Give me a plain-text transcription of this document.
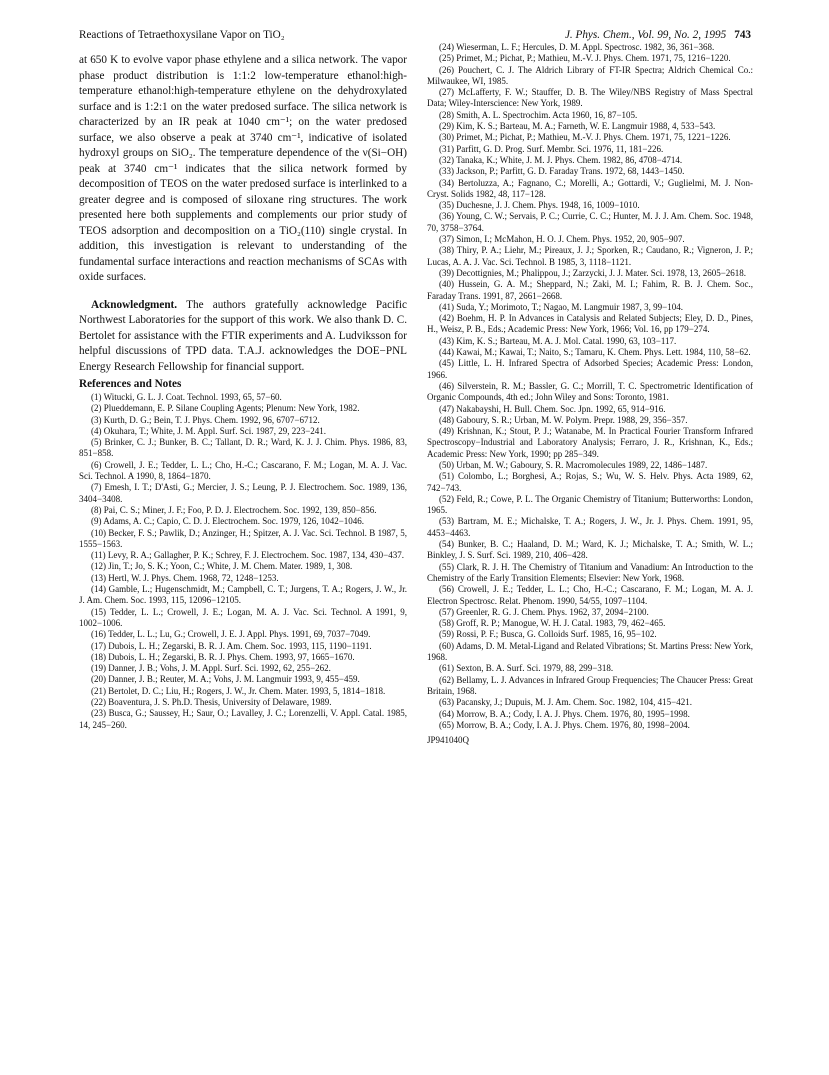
Reactions of Tetraethoxysilane Vapor on TiO₂	J. Phys. Chem., Vol. 99, No. 2, 1995 743

at 650 K to evolve vapor phase ethylene and a silica network. The vapor phase product distribution is 1:1:2 low-temperature ethanol:high-temperature ethanol:high-temperature ethylene on the dehydroxylated surface and is 1:2:1 on the water predosed surface. The silica network is characterized by an IR peak at 1040 cm⁻¹; on the water predosed surface, we also observe a peak at 3740 cm⁻¹, indicative of isolated hydroxyl groups on SiO₂. The temperature dependence of the ν(Si−OH) peak at 3740 cm⁻¹ indicates that the silica network formed by decomposition of TEOS on the water predosed surface is interlinked to a greater degree and is composed of siloxane ring structures. The work presented here both supplements and complements our prior study of TEOS adsorption and decomposition on a TiO₂(110) single crystal. In addition, this investigation is relevant to understanding of the fundamental surface interactions and reaction mechanisms of SCAs with oxide surfaces.

Acknowledgment. The authors gratefully acknowledge Pacific Northwest Laboratories for the support of this work. We also thank D. C. Bertolet for assistance with the FTIR experiments and A. Ludviksson for helpful discussions of TPD data. T.A.J. acknowledges the DOE−PNL Energy Research Fellowship for financial support.

References and Notes

(1) Witucki, G. L. J. Coat. Technol. 1993, 65, 57−60.

(2) Plueddemann, E. P. Silane Coupling Agents; Plenum: New York, 1982.

(3) Kurth, D. G.; Bein, T. J. Phys. Chem. 1992, 96, 6707−6712.

(4) Okuhara, T.; White, J. M. Appl. Surf. Sci. 1987, 29, 223−241.

(5) Brinker, C. J.; Bunker, B. C.; Tallant, D. R.; Ward, K. J. J. Chim. Phys. 1986, 83, 851−858.

(6) Crowell, J. E.; Tedder, L. L.; Cho, H.-C.; Cascarano, F. M.; Logan, M. A. J. Vac. Sci. Technol. A 1990, 8, 1864−1870.

(7) Emesh, I. T.; D'Asti, G.; Mercier, J. S.; Leung, P. J. Electrochem. Soc. 1989, 136, 3404−3408.

(8) Pai, C. S.; Miner, J. F.; Foo, P. D. J. Electrochem. Soc. 1992, 139, 850−856.

(9) Adams, A. C.; Capio, C. D. J. Electrochem. Soc. 1979, 126, 1042−1046.

(10) Becker, F. S.; Pawlik, D.; Anzinger, H.; Spitzer, A. J. Vac. Sci. Technol. B 1987, 5, 1555−1563.

(11) Levy, R. A.; Gallagher, P. K.; Schrey, F. J. Electrochem. Soc. 1987, 134, 430−437.

(12) Jin, T.; Jo, S. K.; Yoon, C.; White, J. M. Chem. Mater. 1989, 1, 308.

(13) Hertl, W. J. Phys. Chem. 1968, 72, 1248−1253.

(14) Gamble, L.; Hugenschmidt, M.; Campbell, C. T.; Jurgens, T. A.; Rogers, J. W., Jr. J. Am. Chem. Soc. 1993, 115, 12096−12105.

(15) Tedder, L. L.; Crowell, J. E.; Logan, M. A. J. Vac. Sci. Technol. A 1991, 9, 1002−1006.

(16) Tedder, L. L.; Lu, G.; Crowell, J. E. J. Appl. Phys. 1991, 69, 7037−7049.

(17) Dubois, L. H.; Zegarski, B. R. J. Am. Chem. Soc. 1993, 115, 1190−1191.

(18) Dubois, L. H.; Zegarski, B. R. J. Phys. Chem. 1993, 97, 1665−1670.

(19) Danner, J. B.; Vohs, J. M. Appl. Surf. Sci. 1992, 62, 255−262.

(20) Danner, J. B.; Reuter, M. A.; Vohs, J. M. Langmuir 1993, 9, 455−459.

(21) Bertolet, D. C.; Liu, H.; Rogers, J. W., Jr. Chem. Mater. 1993, 5, 1814−1818.

(22) Boaventura, J. S. Ph.D. Thesis, University of Delaware, 1989.

(23) Busca, G.; Saussey, H.; Saur, O.; Lavalley, J. C.; Lorenzelli, V. Appl. Catal. 1985, 14, 245−260.

(24) Wieserman, L. F.; Hercules, D. M. Appl. Spectrosc. 1982, 36, 361−368.

(25) Primet, M.; Pichat, P.; Mathieu, M.-V. J. Phys. Chem. 1971, 75, 1216−1220.

(26) Pouchert, C. J. The Aldrich Library of FT-IR Spectra; Aldrich Chemical Co.: Milwaukee, WI, 1985.

(27) McLafferty, F. W.; Stauffer, D. B. The Wiley/NBS Registry of Mass Spectral Data; Wiley-Interscience: New York, 1989.

(28) Smith, A. L. Spectrochim. Acta 1960, 16, 87−105.

(29) Kim, K. S.; Barteau, M. A.; Farneth, W. E. Langmuir 1988, 4, 533−543.

(30) Primet, M.; Pichat, P.; Mathieu, M.-V. J. Phys. Chem. 1971, 75, 1221−1226.

(31) Parfitt, G. D. Prog. Surf. Membr. Sci. 1976, 11, 181−226.

(32) Tanaka, K.; White, J. M. J. Phys. Chem. 1982, 86, 4708−4714.

(33) Jackson, P.; Parfitt, G. D. Faraday Trans. 1972, 68, 1443−1450.

(34) Bertoluzza, A.; Fagnano, C.; Morelli, A.; Gottardi, V.; Guglielmi, M. J. Non-Cryst. Solids 1982, 48, 117−128.

(35) Duchesne, J. J. Chem. Phys. 1948, 16, 1009−1010.

(36) Young, C. W.; Servais, P. C.; Currie, C. C.; Hunter, M. J. J. Am. Chem. Soc. 1948, 70, 3758−3764.

(37) Simon, I.; McMahon, H. O. J. Chem. Phys. 1952, 20, 905−907.

(38) Thiry, P. A.; Liehr, M.; Pireaux, J. J.; Sporken, R.; Caudano, R.; Vigneron, J. P.; Lucas, A. A. J. Vac. Sci. Technol. B 1985, 3, 1118−1121.

(39) Decottignies, M.; Phalippou, J.; Zarzycki, J. J. Mater. Sci. 1978, 13, 2605−2618.

(40) Hussein, G. A. M.; Sheppard, N.; Zaki, M. I.; Fahim, R. B. J. Chem. Soc., Faraday Trans. 1991, 87, 2661−2668.

(41) Suda, Y.; Morimoto, T.; Nagao, M. Langmuir 1987, 3, 99−104.

(42) Boehm, H. P. In Advances in Catalysis and Related Subjects; Eley, D. D., Pines, H., Weisz, P. B., Eds.; Academic Press: New York, 1966; Vol. 16, pp 179−274.

(43) Kim, K. S.; Barteau, M. A. J. Mol. Catal. 1990, 63, 103−117.

(44) Kawai, M.; Kawai, T.; Naito, S.; Tamaru, K. Chem. Phys. Lett. 1984, 110, 58−62.

(45) Little, L. H. Infrared Spectra of Adsorbed Species; Academic Press: London, 1966.

(46) Silverstein, R. M.; Bassler, G. C.; Morrill, T. C. Spectrometric Identification of Organic Compounds, 4th ed.; John Wiley and Sons: Toronto, 1981.

(47) Nakabayshi, H. Bull. Chem. Soc. Jpn. 1992, 65, 914−916.

(48) Gaboury, S. R.; Urban, M. W. Polym. Prepr. 1988, 29, 356−357.

(49) Krishnan, K.; Stout, P. J.; Watanabe, M. In Practical Fourier Transform Infrared Spectroscopy−Industrial and Laboratory Analysis; Ferraro, J. R., Krishnan, K., Eds.; Academic Press: New York, 1990; pp 285−349.

(50) Urban, M. W.; Gaboury, S. R. Macromolecules 1989, 22, 1486−1487.

(51) Colombo, L.; Borghesi, A.; Rojas, S.; Wu, W. S. Helv. Phys. Acta 1989, 62, 742−743.

(52) Feld, R.; Cowe, P. L. The Organic Chemistry of Titanium; Butterworths: London, 1965.

(53) Bartram, M. E.; Michalske, T. A.; Rogers, J. W., Jr. J. Phys. Chem. 1991, 95, 4453−4463.

(54) Bunker, B. C.; Haaland, D. M.; Ward, K. J.; Michalske, T. A.; Smith, W. L.; Binkley, J. S. Surf. Sci. 1989, 210, 406−428.

(55) Clark, R. J. H. The Chemistry of Titanium and Vanadium: An Introduction to the Chemistry of the Early Transition Elements; Elsevier: New York, 1968.

(56) Crowell, J. E.; Tedder, L. L.; Cho, H.-C.; Cascarano, F. M.; Logan, M. A. J. Electron Spectrosc. Relat. Phenom. 1990, 54/55, 1097−1104.

(57) Greenler, R. G. J. Chem. Phys. 1962, 37, 2094−2100.

(58) Groff, R. P.; Manogue, W. H. J. Catal. 1983, 79, 462−465.

(59) Rossi, P. F.; Busca, G. Colloids Surf. 1985, 16, 95−102.

(60) Adams, D. M. Metal-Ligand and Related Vibrations; St. Martins Press: New York, 1968.

(61) Sexton, B. A. Surf. Sci. 1979, 88, 299−318.

(62) Bellamy, L. J. Advances in Infrared Group Frequencies; The Chaucer Press: Great Britain, 1968.

(63) Pacansky, J.; Dupuis, M. J. Am. Chem. Soc. 1982, 104, 415−421.

(64) Morrow, B. A.; Cody, I. A. J. Phys. Chem. 1976, 80, 1995−1998.

(65) Morrow, B. A.; Cody, I. A. J. Phys. Chem. 1976, 80, 1998−2004.

JP941040Q
